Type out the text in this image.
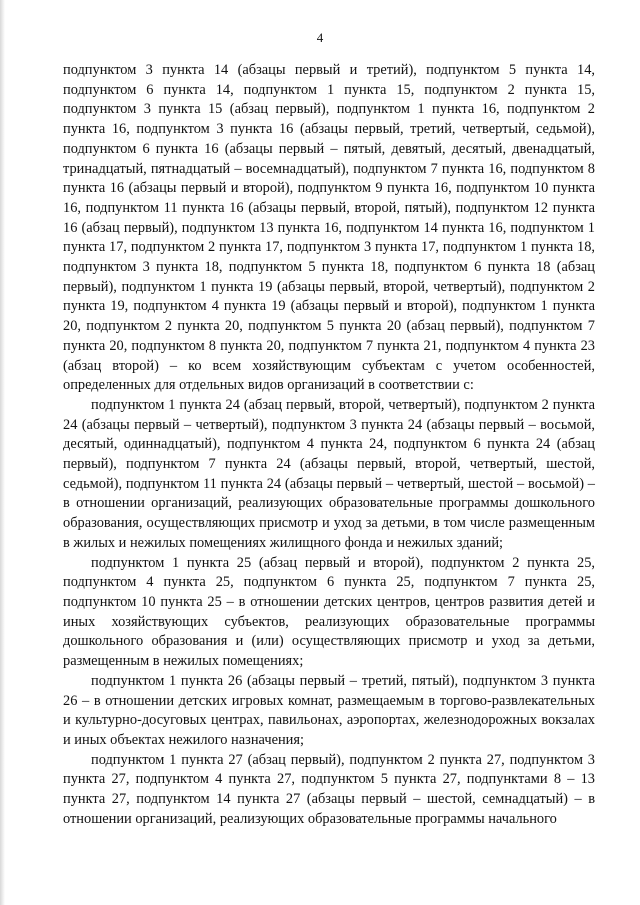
4

подпунктом 3 пункта 14 (абзацы первый и третий), подпунктом 5 пункта 14, подпунктом 6 пункта 14, подпунктом 1 пункта 15, подпунктом 2 пункта 15, подпунктом 3 пункта 15 (абзац первый), подпунктом 1 пункта 16, подпунктом 2 пункта 16, подпунктом 3 пункта 16 (абзацы первый, третий, четвертый, седьмой), подпунктом 6 пункта 16 (абзацы первый – пятый, девятый, десятый, двенадцатый, тринадцатый, пятнадцатый – восемнадцатый), подпунктом 7 пункта 16, подпунктом 8 пункта 16 (абзацы первый и второй), подпунктом 9 пункта 16, подпунктом 10 пункта 16, подпунктом 11 пункта 16 (абзацы первый, второй, пятый), подпунктом 12 пункта 16 (абзац первый), подпунктом 13 пункта 16, подпунктом 14 пункта 16, подпунктом 1 пункта 17, подпунктом 2 пункта 17, подпунктом 3 пункта 17, подпунктом 1 пункта 18, подпунктом 3 пункта 18, подпунктом 5 пункта 18, подпунктом 6 пункта 18 (абзац первый), подпунктом 1 пункта 19 (абзацы первый, второй, четвертый), подпунктом 2 пункта 19, подпунктом 4 пункта 19 (абзацы первый и второй), подпунктом 1 пункта 20, подпунктом 2 пункта 20, подпунктом 5 пункта 20 (абзац первый), подпунктом 7 пункта 20, подпунктом 8 пункта 20, подпунктом 7 пункта 21, подпунктом 4 пункта 23 (абзац второй) – ко всем хозяйствующим субъектам с учетом особенностей, определенных для отдельных видов организаций в соответствии с:

подпунктом 1 пункта 24 (абзац первый, второй, четвертый), подпунктом 2 пункта 24 (абзацы первый – четвертый), подпунктом 3 пункта 24 (абзацы первый – восьмой, десятый, одиннадцатый), подпунктом 4 пункта 24, подпунктом 6 пункта 24 (абзац первый), подпунктом 7 пункта 24 (абзацы первый, второй, четвертый, шестой, седьмой), подпунктом 11 пункта 24 (абзацы первый – четвертый, шестой – восьмой) – в отношении организаций, реализующих образовательные программы дошкольного образования, осуществляющих присмотр и уход за детьми, в том числе размещенным в жилых и нежилых помещениях жилищного фонда и нежилых зданий;

подпунктом 1 пункта 25 (абзац первый и второй), подпунктом 2 пункта 25, подпунктом 4 пункта 25, подпунктом 6 пункта 25, подпунктом 7 пункта 25, подпунктом 10 пункта 25 – в отношении детских центров, центров развития детей и иных хозяйствующих субъектов, реализующих образовательные программы дошкольного образования и (или) осуществляющих присмотр и уход за детьми, размещенным в нежилых помещениях;

подпунктом 1 пункта 26 (абзацы первый – третий, пятый), подпунктом 3 пункта 26 – в отношении детских игровых комнат, размещаемым в торгово-развлекательных и культурно-досуговых центрах, павильонах, аэропортах, железнодорожных вокзалах и иных объектах нежилого назначения;

подпунктом 1 пункта 27 (абзац первый), подпунктом 2 пункта 27, подпунктом 3 пункта 27, подпунктом 4 пункта 27, подпунктом 5 пункта 27, подпунктами 8 – 13 пункта 27, подпунктом 14 пункта 27 (абзацы первый – шестой, семнадцатый) – в отношении организаций, реализующих образовательные программы начального
